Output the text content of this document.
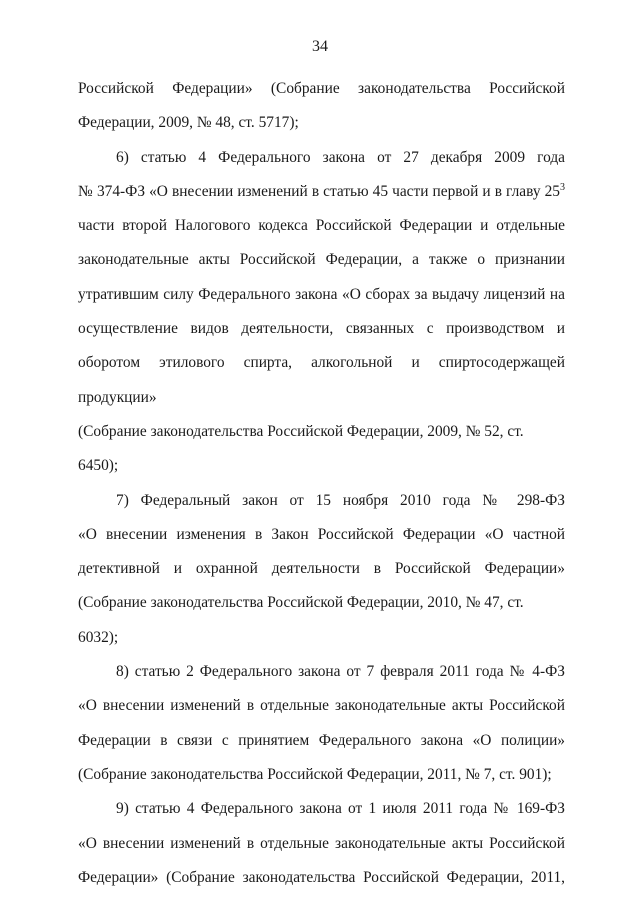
34
Российской Федерации» (Собрание законодательства Российской
Федерации, 2009, № 48, ст. 5717);
6) статью 4 Федерального закона от 27 декабря 2009 года
№ 374-ФЗ «О внесении изменений в статью 45 части первой и в главу $25^3$
части второй Налогового кодекса Российской Федерации и отдельные
законодательные акты Российской Федерации, а также о признании
утратившим силу Федерального закона «О сборах за выдачу лицензий на
осуществление видов деятельности, связанных с производством и
оборотом этилового спирта, алкогольной и спиртосодержащей продукции»
(Собрание законодательства Российской Федерации, 2009, № 52, ст. 6450);
7) Федеральный закон от 15 ноября 2010 года № 298-ФЗ
«О внесении изменения в Закон Российской Федерации «О частной
детективной и охранной деятельности в Российской Федерации»
(Собрание законодательства Российской Федерации, 2010, № 47, ст. 6032);
8) статью 2 Федерального закона от 7 февраля 2011 года № 4-ФЗ
«О внесении изменений в отдельные законодательные акты Российской
Федерации в связи с принятием Федерального закона «О полиции»
(Собрание законодательства Российской Федерации, 2011, № 7, ст. 901);
9) статью 4 Федерального закона от 1 июля 2011 года № 169-ФЗ
«О внесении изменений в отдельные законодательные акты Российской
Федерации» (Собрание законодательства Российской Федерации, 2011,
